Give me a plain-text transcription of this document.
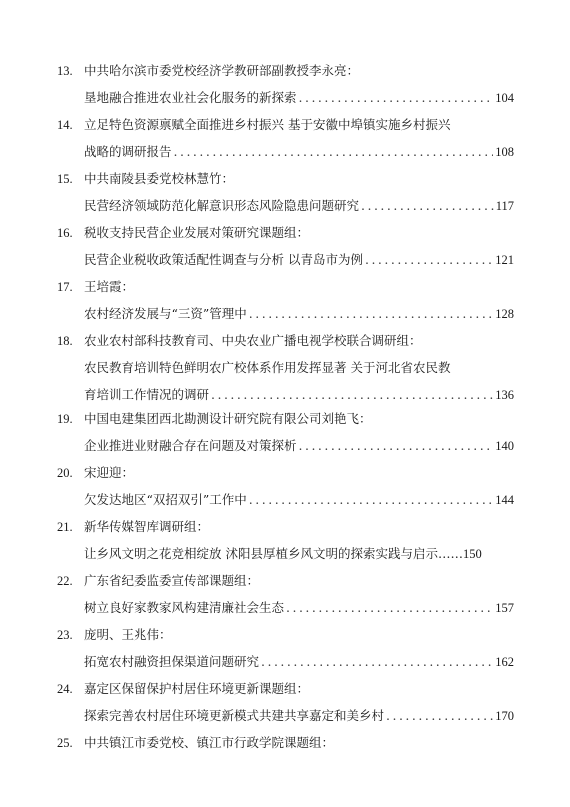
13. 中共哈尔滨市委党校经济学教研部副教授李永亮：
垦地融合推进农业社会化服务的新探索 .....	104
14. 立足特色资源禀赋全面推进乡村振兴 基于安徽中埠镇实施乡村振兴
战略的调研报告 .....	108
15. 中共南陵县委党校林慧竹：
民营经济领域防范化解意识形态风险隐患问题研究 .....	117
16. 税收支持民营企业发展对策研究课题组：
民营企业税收政策适配性调查与分析 以青岛市为例 .....	121
17. 王培霞：
农村经济发展与“三资”管理中 .....	128
18. 农业农村部科技教育司、中央农业广播电视学校联合调研组：
农民教育培训特色鲜明农广校体系作用发挥显著 关于河北省农民教
育培训工作情况的调研 .....	136
19. 中国电建集团西北勘测设计研究院有限公司刘艳飞：
企业推进业财融合存在问题及对策探析 .....	140
20. 宋迎迎：
欠发达地区“双招双引”工作中 .....	144
21. 新华传媒智库调研组：
让乡风文明之花竞相绽放 沭阳县厚植乡风文明的探索实践与启示…… 150
22. 广东省纪委监委宣传部课题组：
树立良好家教家风构建清廉社会生态 .....	157
23. 庞明、王兆伟：
拓宽农村融资担保渠道问题研究 .....	162
24. 嘉定区保留保护村居住环境更新课题组：
探索完善农村居住环境更新模式共建共享嘉定和美乡村 .....	170
25. 中共镇江市委党校、镇江市行政学院课题组：
